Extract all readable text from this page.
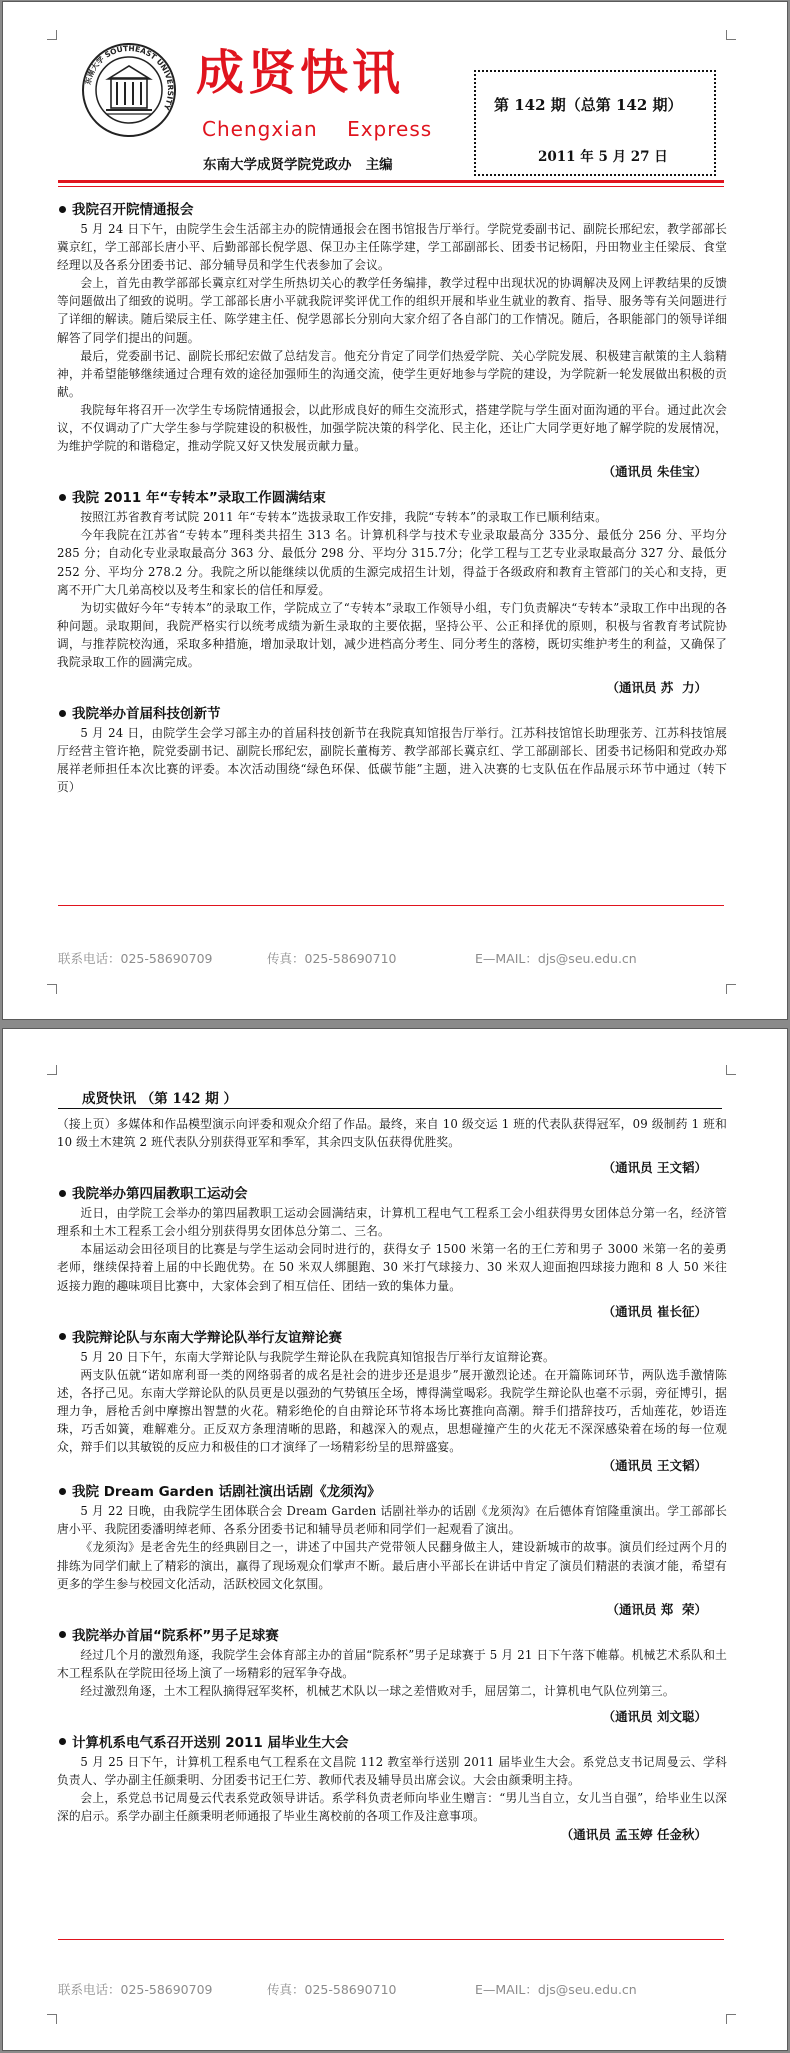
东南大学 SOUTHEAST UNIVERSITY
成贤快讯
Chengxian    Express
东南大学成贤学院党政办   主编
第 142 期（总第 142 期）
2011 年 5 月 27 日
我院召开院情通报会

5 月 24 日下午，由院学生会生活部主办的院情通报会在图书馆报告厅举行。学院党委副书记、副院长邢纪宏，教学部部长冀京红，学工部部长唐小平、后勤部部长倪学恩、保卫办主任陈学建，学工部副部长、团委书记杨阳，丹田物业主任梁辰、食堂经理以及各系分团委书记、部分辅导员和学生代表参加了会议。

会上，首先由教学部部长冀京红对学生所热切关心的教学任务编排，教学过程中出现状况的协调解决及网上评教结果的反馈等问题做出了细致的说明。学工部部长唐小平就我院评奖评优工作的组织开展和毕业生就业的教育、指导、服务等有关问题进行了详细的解读。随后梁辰主任、陈学建主任、倪学恩部长分别向大家介绍了各自部门的工作情况。随后，各职能部门的领导详细解答了同学们提出的问题。

最后，党委副书记、副院长邢纪宏做了总结发言。他充分肯定了同学们热爱学院、关心学院发展、积极建言献策的主人翁精神，并希望能够继续通过合理有效的途径加强师生的沟通交流，使学生更好地参与学院的建设，为学院新一轮发展做出积极的贡献。

我院每年将召开一次学生专场院情通报会，以此形成良好的师生交流形式，搭建学院与学生面对面沟通的平台。通过此次会议，不仅调动了广大学生参与学院建设的积极性，加强学院决策的科学化、民主化，还让广大同学更好地了解学院的发展情况，为维护学院的和谐稳定，推动学院又好又快发展贡献力量。

（通讯员 朱佳宝）
我院 2011 年“专转本”录取工作圆满结束

按照江苏省教育考试院 2011 年“专转本”选拔录取工作安排，我院“专转本”的录取工作已顺利结束。

今年我院在江苏省“专转本”理科类共招生 313 名。计算机科学与技术专业录取最高分 335分、最低分 256 分、平均分 285 分；自动化专业录取最高分 363 分、最低分 298 分、平均分 315.7分；化学工程与工艺专业录取最高分 327 分、最低分 252 分、平均分 278.2 分。我院之所以能继续以优质的生源完成招生计划，得益于各级政府和教育主管部门的关心和支持，更离不开广大几弟高校以及考生和家长的信任和厚爱。

为切实做好今年“专转本”的录取工作，学院成立了“专转本”录取工作领导小组，专门负责解决“专转本”录取工作中出现的各种问题。录取期间，我院严格实行以统考成绩为新生录取的主要依据，坚持公平、公正和择优的原则，积极与省教育考试院协调，与推荐院校沟通，采取多种措施，增加录取计划，减少进档高分考生、同分考生的落榜，既切实维护考生的利益，又确保了我院录取工作的圆满完成。

（通讯员 苏  力）
我院举办首届科技创新节

5 月 24 日，由院学生会学习部主办的首届科技创新节在我院真知馆报告厅举行。江苏科技馆馆长助理张芳、江苏科技馆展厅经营主管许艳，院党委副书记、副院长邢纪宏，副院长董梅芳、教学部部长冀京红、学工部副部长、团委书记杨阳和党政办郑展祥老师担任本次比赛的评委。本次活动围绕“绿色环保、低碳节能”主题，进入决赛的七支队伍在作品展示环节中通过（转下页）

联系电话：025-58690709	传真：025-58690710	E—MAIL：djs@seu.edu.cn
成贤快讯 （第 142 期 ）

（接上页）多媒体和作品模型演示向评委和观众介绍了作品。最终，来自 10 级交运 1 班的代表队获得冠军，09 级制药 1 班和 10 级土木建筑 2 班代表队分别获得亚军和季军，其余四支队伍获得优胜奖。

（通讯员 王文韬）
我院举办第四届教职工运动会

近日，由学院工会举办的第四届教职工运动会圆满结束，计算机工程电气工程系工会小组获得男女团体总分第一名，经济管理系和土木工程系工会小组分别获得男女团体总分第二、三名。

本届运动会田径项目的比赛是与学生运动会同时进行的，获得女子 1500 米第一名的王仁芳和男子 3000 米第一名的姜勇老师，继续保持着上届的中长跑优势。在 50 米双人绑腿跑、30 米打气球接力、30 米双人迎面抱四球接力跑和 8 人 50 米往返接力跑的趣味项目比赛中，大家体会到了相互信任、团结一致的集体力量。

（通讯员 崔长征）
我院辩论队与东南大学辩论队举行友谊辩论赛

5 月 20 日下午，东南大学辩论队与我院学生辩论队在我院真知馆报告厅举行友谊辩论赛。

两支队伍就“诺如席利哥一类的网络弱者的成名是社会的进步还是退步”展开激烈论述。在开篇陈词环节，两队选手激情陈述，各抒己见。东南大学辩论队的队员更是以强劲的气势镇压全场，博得满堂喝彩。我院学生辩论队也毫不示弱，旁征博引，据理力争，唇枪舌剑中摩擦出智慧的火花。精彩绝伦的自由辩论环节将本场比赛推向高潮。辩手们措辞技巧，舌灿莲花，妙语连珠，巧舌如簧，难解难分。正反双方条理清晰的思路，和越深入的观点，思想碰撞产生的火花无不深深感染着在场的每一位观众，辩手们以其敏锐的反应力和极佳的口才演绎了一场精彩纷呈的思辩盛宴。

（通讯员 王文韬）
我院 Dream Garden 话剧社演出话剧《龙须沟》

5 月 22 日晚，由我院学生团体联合会 Dream Garden 话剧社举办的话剧《龙须沟》在后德体育馆隆重演出。学工部部长唐小平、我院团委潘明绰老师、各系分团委书记和辅导员老师和同学们一起观看了演出。

《龙须沟》是老舍先生的经典剧目之一，讲述了中国共产党带领人民翻身做主人，建设新城市的故事。演员们经过两个月的排练为同学们献上了精彩的演出，赢得了现场观众们掌声不断。最后唐小平部长在讲话中肯定了演员们精湛的表演才能，希望有更多的学生参与校园文化活动，活跃校园文化氛围。

（通讯员 郑  荣）
我院举办首届“院系杯”男子足球赛

经过几个月的激烈角逐，我院学生会体育部主办的首届“院系杯”男子足球赛于 5 月 21 日下午落下帷幕。机械艺术系队和土木工程系队在学院田径场上演了一场精彩的冠军争夺战。

经过激烈角逐，土木工程队摘得冠军奖杯，机械艺术队以一球之差惜败对手，屈居第二，计算机电气队位列第三。

（通讯员 刘文聪）
计算机系电气系召开送别 2011 届毕业生大会

5 月 25 日下午，计算机工程系电气工程系在文昌院 112 教室举行送别 2011 届毕业生大会。系党总支书记周曼云、学科负责人、学办副主任颜秉明、分团委书记王仁芳、教师代表及辅导员出席会议。大会由颜秉明主持。

会上，系党总书记周曼云代表系党政领导讲话。系学科负责老师向毕业生赠言：“男儿当自立，女儿当自强”，给毕业生以深深的启示。系学办副主任颜秉明老师通报了毕业生离校前的各项工作及注意事项。

（通讯员 孟玉婷 任金秋）
联系电话：025-58690709	传真：025-58690710	E—MAIL：djs@seu.edu.cn
